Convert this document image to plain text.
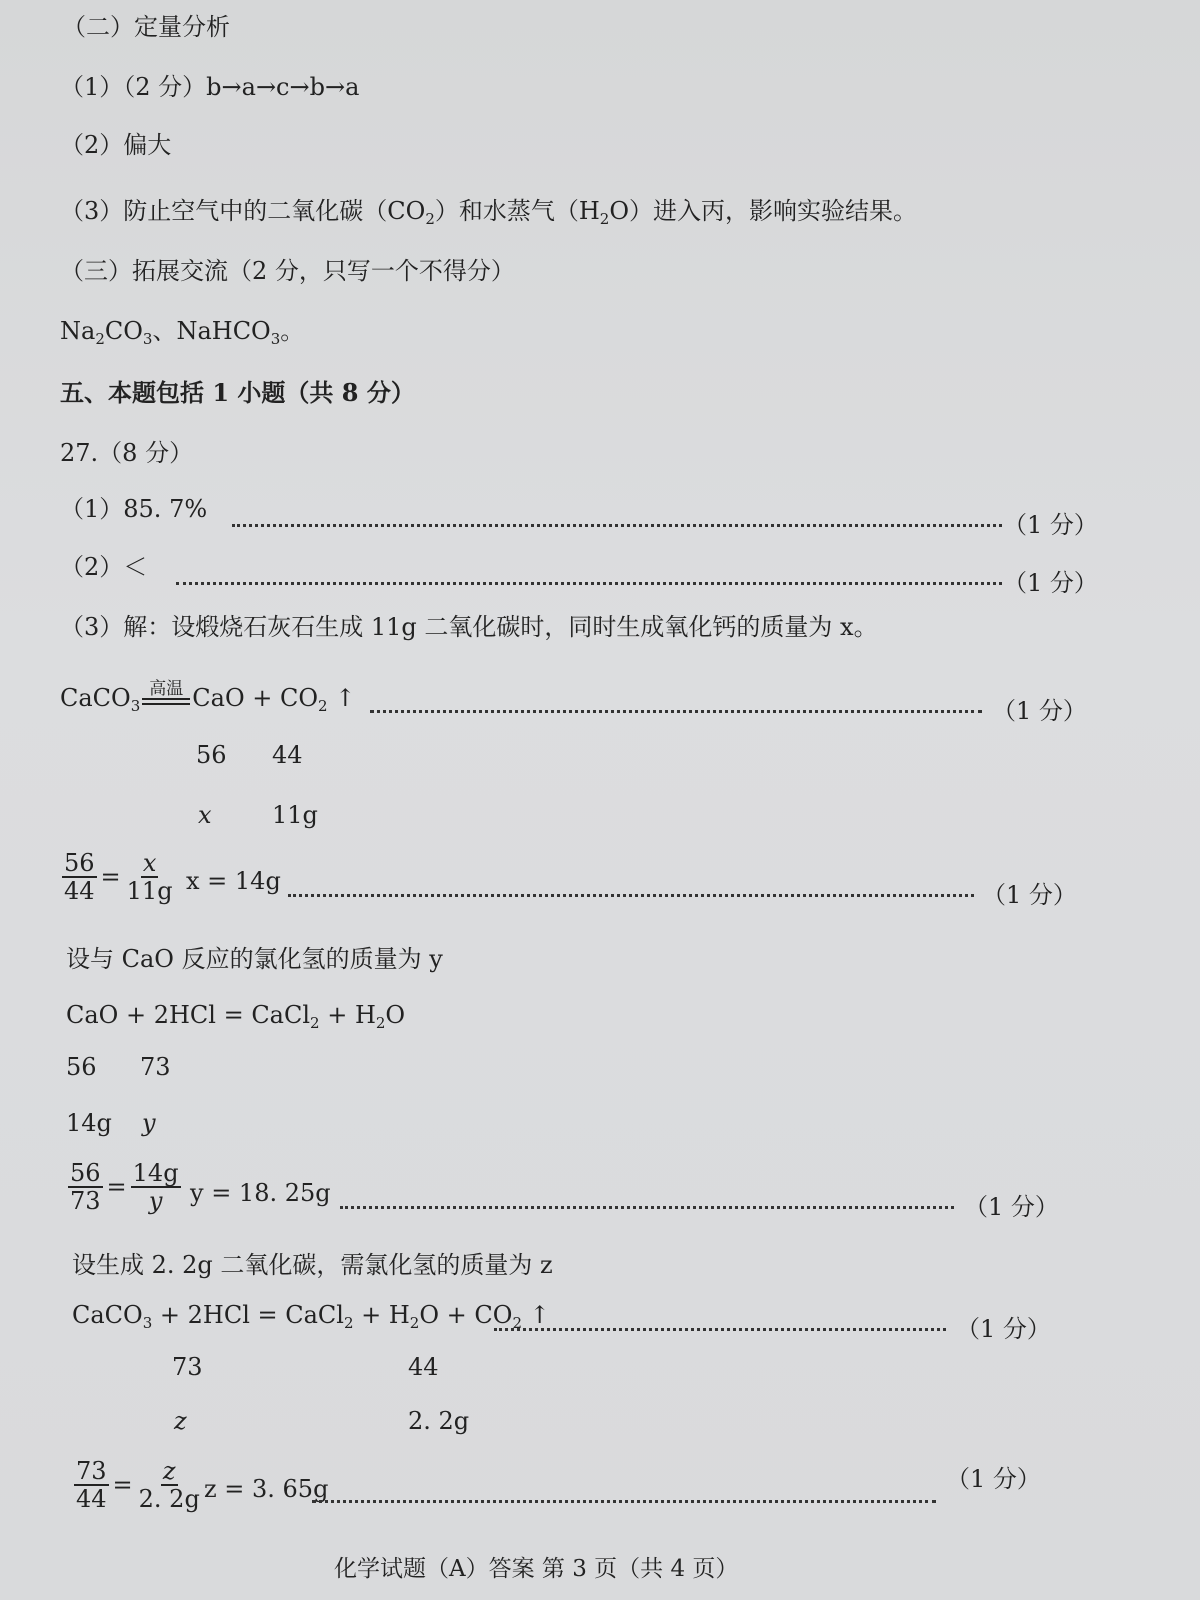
（二）定量分析
（1）（2 分）b→a→c→b→a
（2）偏大
（3）防止空气中的二氧化碳$(CO_2)$和水蒸气$(H_2O)$进入丙，影响实验结果。
（三）拓展交流（2 分，只写一个不得分）
$Na_2CO_3$、NaHCO$_3$。
五、本题包括 1 小题（共 8 分）
27.（8 分）
（1）85. 7%
（1 分）
（2）＜
（1 分）
（3）解：设煅烧石灰石生成 11g 二氧化碳时，同时生成氧化钙的质量为 x。
CaCO$_3$
高温 CaO + $CO_2$ ↑	（1 分）
56 44
x	11g
$\frac{56}{44} = \frac{x}{11g}$ x = 14g	（1 分）
设与 CaO 反应的氯化氢的质量为 y
CaO + 2HCl = CaCl$_2$ + $H_2O$
56 73
14g y
$\frac{56}{73} = \frac{14g}{y}$ y = 18. 25g	（1 分）
设生成 2. 2g 二氧化碳，需氯化氢的质量为 z
CaCO$_3$ + 2HCl = CaCl$_2$ + $H_2O + CO_2$ ↑	（1 分）
73	44
z	2. 2g
$\frac{73}{44} = \frac{z}{2. 2g}$ z = 3. 65g	（1 分）
化学试题（A）答案 第 3 页（共 4 页）
